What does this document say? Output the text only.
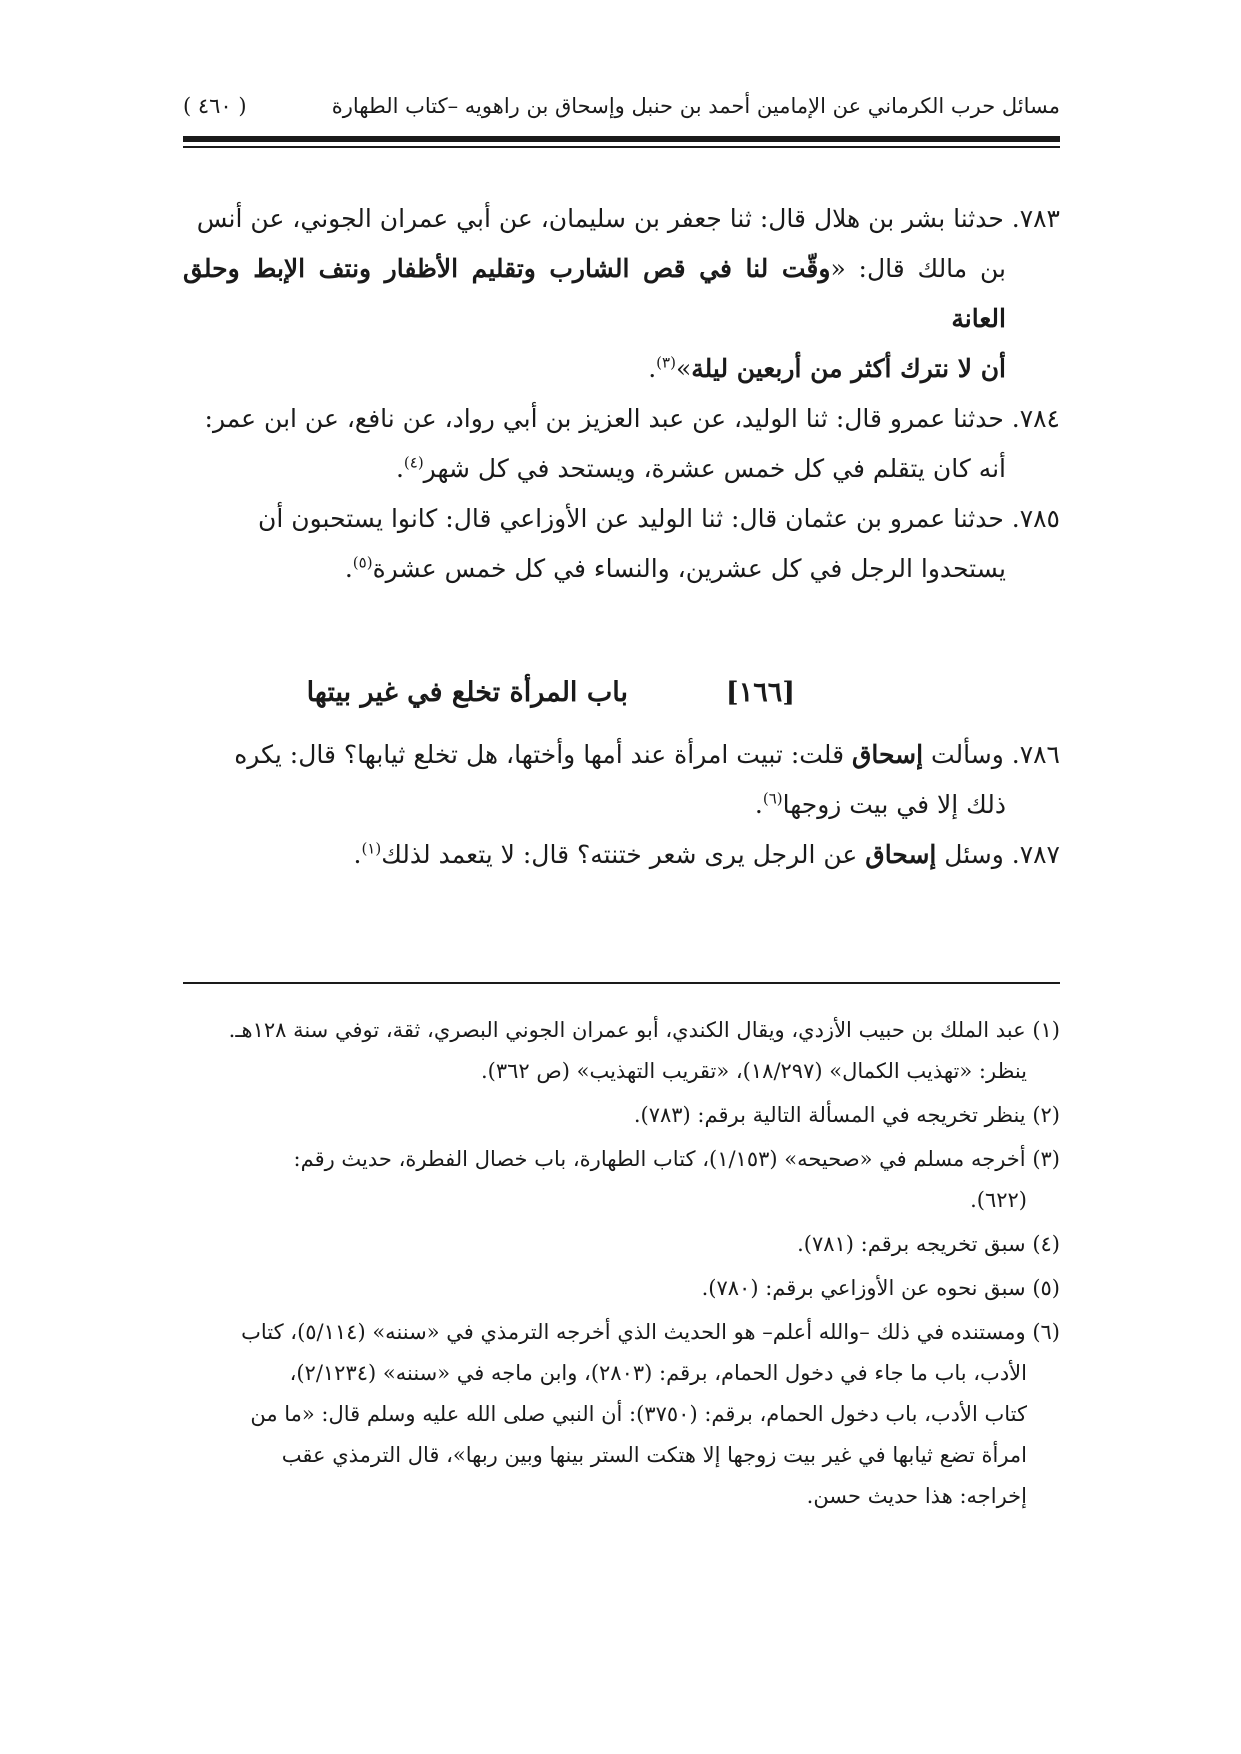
مسائل حرب الكرماني عن الإمامين أحمد بن حنبل وإسحاق بن راهويه –كتاب الطهارة
( ٤٦٠ )

٧٨٣. حدثنا بشر بن هلال قال: ثنا جعفر بن سليمان، عن أبي عمران الجوني، عن أنس
بن مالك قال: «وقّت لنا في قص الشارب وتقليم الأظفار ونتف الإبط وحلق العانة
أن لا نترك أكثر من أربعين ليلة»$^{(٣)}$.

٧٨٤. حدثنا عمرو قال: ثنا الوليد، عن عبد العزيز بن أبي رواد، عن نافع، عن ابن عمر:
أنه كان يتقلم في كل خمس عشرة، ويستحد في كل شهر$^{(٤)}$.

٧٨٥. حدثنا عمرو بن عثمان قال: ثنا الوليد عن الأوزاعي قال: كانوا يستحبون أن
يستحدوا الرجل في كل عشرين، والنساء في كل خمس عشرة$^{(٥)}$.

[١٦٦]
باب المرأة تخلع في غير بيتها

٧٨٦. وسألت إسحاق قلت: تبيت امرأة عند أمها وأختها، هل تخلع ثيابها؟ قال: يكره
ذلك إلا في بيت زوجها$^{(٦)}$.

٧٨٧. وسئل إسحاق عن الرجل يرى شعر ختنته؟ قال: لا يتعمد لذلك$^{(١)}$.

(١) عبد الملك بن حبيب الأزدي، ويقال الكندي، أبو عمران الجوني البصري، ثقة، توفي سنة ١٢٨هـ.
ينظر: «تهذيب الكمال» (١٨/٢٩٧)، «تقريب التهذيب» (ص ٣٦٢).

(٢) ينظر تخريجه في المسألة التالية برقم: (٧٨٣).

(٣) أخرجه مسلم في «صحيحه» (١/١٥٣)، كتاب الطهارة، باب خصال الفطرة، حديث رقم:
(٦٢٢).

(٤) سبق تخريجه برقم: (٧٨١).

(٥) سبق نحوه عن الأوزاعي برقم: (٧٨٠).

(٦) ومستنده في ذلك –والله أعلم– هو الحديث الذي أخرجه الترمذي في «سننه» (٥/١١٤)، كتاب
الأدب، باب ما جاء في دخول الحمام، برقم: (٢٨٠٣)، وابن ماجه في «سننه» (٢/١٢٣٤)،
كتاب الأدب، باب دخول الحمام، برقم: (٣٧٥٠): أن النبي صلى الله عليه وسلم قال: «ما من
امرأة تضع ثيابها في غير بيت زوجها إلا هتكت الستر بينها وبين ربها»، قال الترمذي عقب
إخراجه: هذا حديث حسن.
